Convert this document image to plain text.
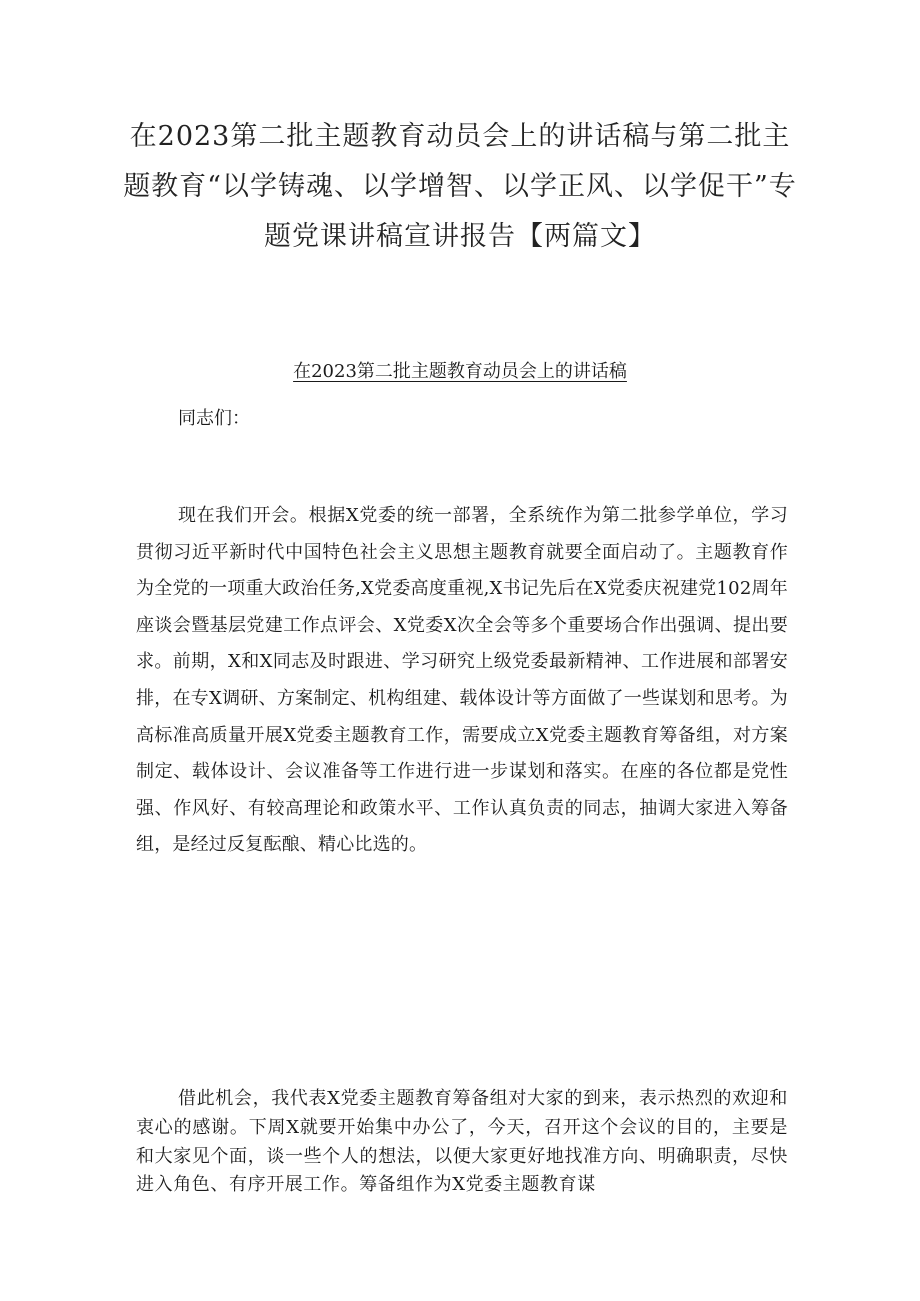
在2023第二批主题教育动员会上的讲话稿与第二批主题教育“以学铸魂、以学增智、以学正风、以学促干”专题党课讲稿宣讲报告【两篇文】
在2023第二批主题教育动员会上的讲话稿

同志们：

现在我们开会。根据X党委的统一部署，全系统作为第二批参学单位，学习贯彻习近平新时代中国特色社会主义思想主题教育就要全面启动了。主题教育作为全党的一项重大政治任务,X党委高度重视,X书记先后在X党委庆祝建党102周年座谈会暨基层党建工作点评会、X党委X次全会等多个重要场合作出强调、提出要求。前期，X和X同志及时跟进、学习研究上级党委最新精神、工作进展和部署安排，在专X调研、方案制定、机构组建、载体设计等方面做了一些谋划和思考。为高标准高质量开展X党委主题教育工作，需要成立X党委主题教育筹备组，对方案制定、载体设计、会议准备等工作进行进一步谋划和落实。在座的各位都是党性强、作风好、有较高理论和政策水平、工作认真负责的同志，抽调大家进入筹备组，是经过反复酝酿、精心比选的。

借此机会，我代表X党委主题教育筹备组对大家的到来，表示热烈的欢迎和衷心的感谢。下周X就要开始集中办公了，今天，召开这个会议的目的，主要是和大家见个面，谈一些个人的想法，以便大家更好地找准方向、明确职责，尽快进入角色、有序开展工作。筹备组作为X党委主题教育谋
